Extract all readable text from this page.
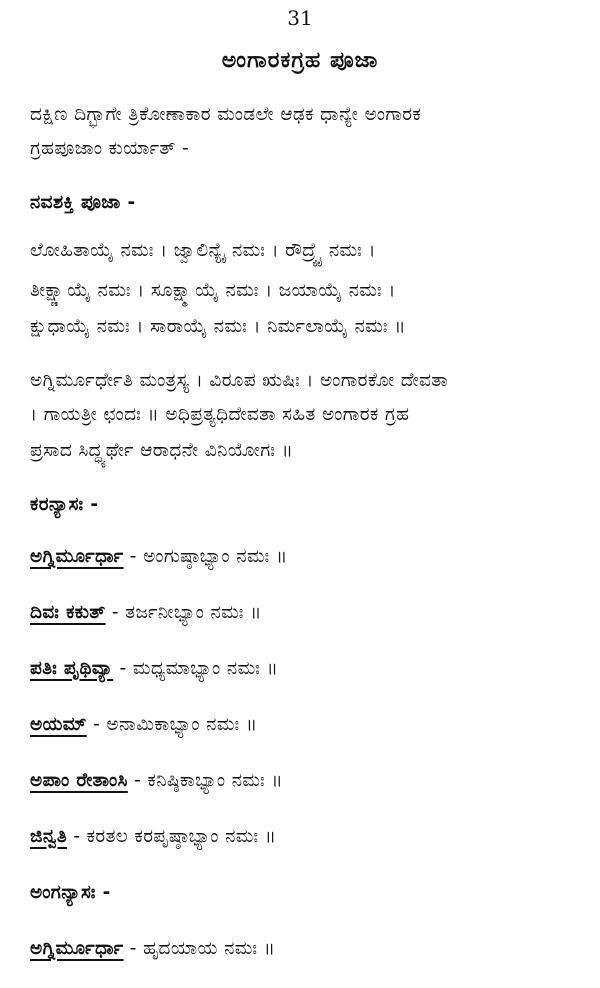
31
ಅಂಗಾರಕಗ್ರಹ ಪೂಜಾ
ದಕ್ಷಿಣ ದಿಗ್ಭಾಗೇ ತ್ರಿಕೋಣಾಕಾರ ಮಂಡಲೇ ಆಢಕ ಧಾನ್ಯೇ ಅಂಗಾರಕ
ಗ್ರಹಪೂಜಾಂ ಕುರ್ಯಾತ್ -
ನವಶಕ್ತಿ ಪೂಜಾ -
ಲೋಹಿತಾಯೈ ನಮಃ । ಜ್ವಾಲಿನ್ಯೈ ನಮಃ । ರೌದ್ರ್ಯೈ ನಮಃ ।
ತೀಕ್ಷ್ಣಾಯೈ ನಮಃ । ಸೂಕ್ಷ್ಮಾಯೈ ನಮಃ । ಜಯಾಯೈ ನಮಃ ।
ಕ್ಷುಧಾಯೈ ನಮಃ । ಸಾರಾಯೈ ನಮಃ । ನಿರ್ಮಲಾಯೈ ನಮಃ ॥
ಅಗ್ನಿರ್ಮೂರ್ಧೇತಿ ಮಂತ್ರಸ್ಯ । ವಿರೂಪ ಋಷಿಃ । ಅಂಗಾರಕೋ ದೇವತಾ
। ಗಾಯತ್ರೀ ಛಂದಃ ॥ ಅಧಿಪ್ರತ್ಯಧಿದೇವತಾ ಸಹಿತ ಅಂಗಾರಕ ಗ್ರಹ
ಪ್ರಸಾದ ಸಿದ್ಧ್ಯರ್ಥೇ ಆರಾಧನೇ ವಿನಿಯೋಗಃ ॥
ಕರನ್ಯಾಸಃ -
ಅಗ್ನಿರ್ಮೂರ್ಧಾ - ಅಂಗುಷ್ಠಾಭ್ಯಾಂ ನಮಃ ॥
ದಿವಃ ಕಕುತ್ - ತರ್ಜನೀಭ್ಯಾಂ ನಮಃ ॥
ಪತಿಃ ಪೃಥಿವ್ಯಾ - ಮಧ್ಯಮಾಭ್ಯಾಂ ನಮಃ ॥
ಅಯಮ್ - ಅನಾಮಿಕಾಭ್ಯಾಂ ನಮಃ ॥
ಅಪಾಂ ರೇತಾಂಸಿ - ಕನಿಷ್ಠಿಕಾಭ್ಯಾಂ ನಮಃ ॥
ಜಿನ್ವತಿ - ಕರತಲ ಕರಪೃಷ್ಠಾಭ್ಯಾಂ ನಮಃ ॥
ಅಂಗನ್ಯಾಸಃ -
ಅಗ್ನಿರ್ಮೂರ್ಧಾ - ಹೃದಯಾಯ ನಮಃ ॥
